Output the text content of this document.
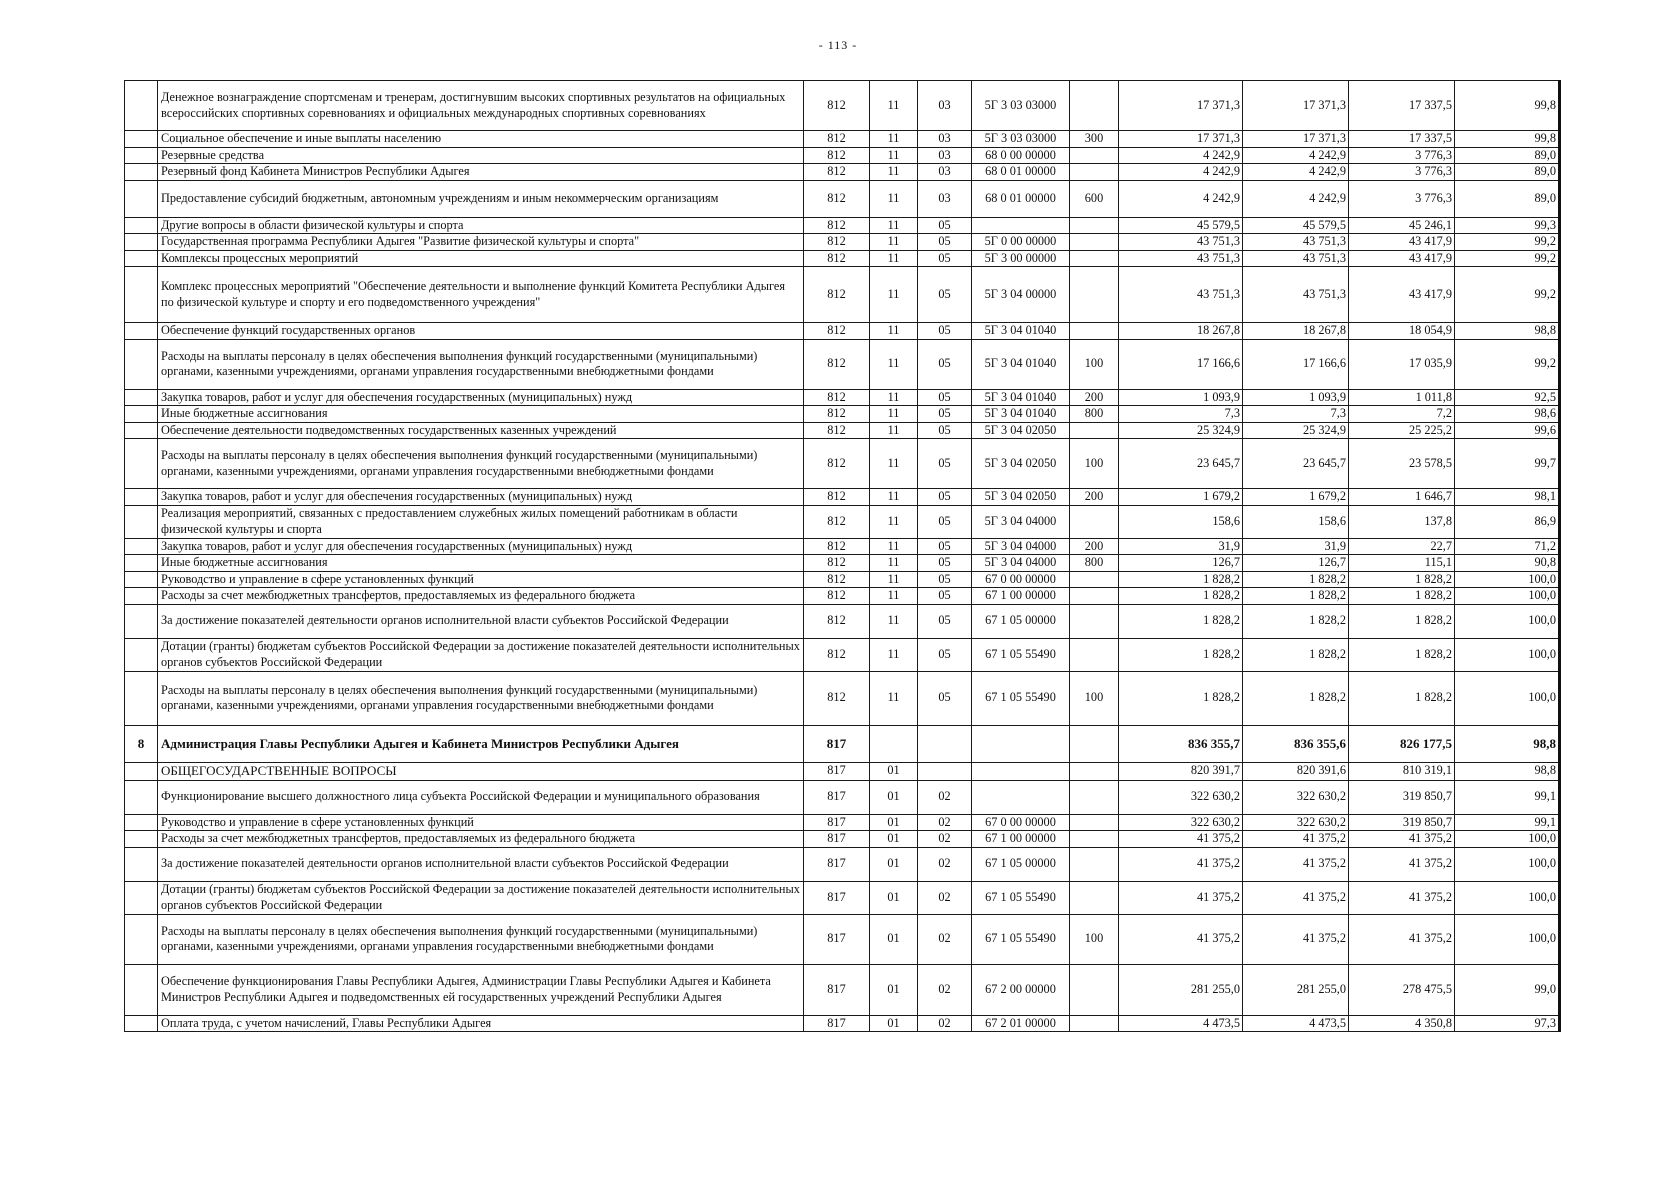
- 113 -
	Денежное вознаграждение спортсменам и тренерам, достигнувшим высоких спортивных результатов на официальных всероссийских спортивных соревнованиях и официальных международных спортивных соревнованиях	812	11	03	5Г 3 03 03000		17 371,3	17 371,3	17 337,5	99,8
	Социальное обеспечение и иные выплаты населению	812	11	03	5Г 3 03 03000	300	17 371,3	17 371,3	17 337,5	99,8
	Резервные средства	812	11	03	68 0 00 00000		4 242,9	4 242,9	3 776,3	89,0
	Резервный фонд Кабинета Министров Республики Адыгея	812	11	03	68 0 01 00000		4 242,9	4 242,9	3 776,3	89,0
	Предоставление субсидий бюджетным, автономным учреждениям и иным некоммерческим организациям	812	11	03	68 0 01 00000	600	4 242,9	4 242,9	3 776,3	89,0
	Другие вопросы в области физической культуры и спорта	812	11	05			45 579,5	45 579,5	45 246,1	99,3
	Государственная программа Республики Адыгея "Развитие физической культуры и спорта"	812	11	05	5Г 0 00 00000		43 751,3	43 751,3	43 417,9	99,2
	Комплексы процессных мероприятий	812	11	05	5Г 3 00 00000		43 751,3	43 751,3	43 417,9	99,2
	Комплекс процессных мероприятий "Обеспечение деятельности и выполнение функций Комитета Республики Адыгея по физической культуре и спорту и его подведомственного учреждения"	812	11	05	5Г 3 04 00000		43 751,3	43 751,3	43 417,9	99,2
	Обеспечение функций государственных органов	812	11	05	5Г 3 04 01040		18 267,8	18 267,8	18 054,9	98,8
	Расходы на выплаты персоналу в целях обеспечения выполнения функций государственными (муниципальными) органами, казенными учреждениями, органами управления государственными внебюджетными фондами	812	11	05	5Г 3 04 01040	100	17 166,6	17 166,6	17 035,9	99,2
	Закупка товаров, работ и услуг для обеспечения государственных (муниципальных) нужд	812	11	05	5Г 3 04 01040	200	1 093,9	1 093,9	1 011,8	92,5
	Иные бюджетные ассигнования	812	11	05	5Г 3 04 01040	800	7,3	7,3	7,2	98,6
	Обеспечение деятельности подведомственных государственных казенных учреждений	812	11	05	5Г 3 04 02050		25 324,9	25 324,9	25 225,2	99,6
	Расходы на выплаты персоналу в целях обеспечения выполнения функций государственными (муниципальными) органами, казенными учреждениями, органами управления государственными внебюджетными фондами	812	11	05	5Г 3 04 02050	100	23 645,7	23 645,7	23 578,5	99,7
	Закупка товаров, работ и услуг для обеспечения государственных (муниципальных) нужд	812	11	05	5Г 3 04 02050	200	1 679,2	1 679,2	1 646,7	98,1
	Реализация мероприятий, связанных с предоставлением служебных жилых помещений работникам в области физической культуры и спорта	812	11	05	5Г 3 04 04000		158,6	158,6	137,8	86,9
	Закупка товаров, работ и услуг для обеспечения государственных (муниципальных) нужд	812	11	05	5Г 3 04 04000	200	31,9	31,9	22,7	71,2
	Иные бюджетные ассигнования	812	11	05	5Г 3 04 04000	800	126,7	126,7	115,1	90,8
	Руководство и управление в сфере установленных функций	812	11	05	67 0 00 00000		1 828,2	1 828,2	1 828,2	100,0
	Расходы за счет межбюджетных трансфертов, предоставляемых из федерального бюджета	812	11	05	67 1 00 00000		1 828,2	1 828,2	1 828,2	100,0
	За достижение показателей деятельности органов исполнительной власти субъектов Российской Федерации	812	11	05	67 1 05 00000		1 828,2	1 828,2	1 828,2	100,0
	Дотации (гранты) бюджетам субъектов Российской Федерации за достижение показателей деятельности исполнительных органов субъектов Российской Федерации	812	11	05	67 1 05 55490		1 828,2	1 828,2	1 828,2	100,0
	Расходы на выплаты персоналу в целях обеспечения выполнения функций государственными (муниципальными) органами, казенными учреждениями, органами управления государственными внебюджетными фондами	812	11	05	67 1 05 55490	100	1 828,2	1 828,2	1 828,2	100,0
8	Администрация Главы Республики Адыгея и Кабинета Министров Республики Адыгея	817					836 355,7	836 355,6	826 177,5	98,8
	ОБЩЕГОСУДАРСТВЕННЫЕ ВОПРОСЫ	817	01				820 391,7	820 391,6	810 319,1	98,8
	Функционирование высшего должностного лица субъекта Российской Федерации и муниципального образования	817	01	02			322 630,2	322 630,2	319 850,7	99,1
	Руководство и управление в сфере установленных функций	817	01	02	67 0 00 00000		322 630,2	322 630,2	319 850,7	99,1
	Расходы за счет межбюджетных трансфертов, предоставляемых из федерального бюджета	817	01	02	67 1 00 00000		41 375,2	41 375,2	41 375,2	100,0
	За достижение показателей деятельности органов исполнительной власти субъектов Российской Федерации	817	01	02	67 1 05 00000		41 375,2	41 375,2	41 375,2	100,0
	Дотации (гранты) бюджетам субъектов Российской Федерации за достижение показателей деятельности исполнительных органов субъектов Российской Федерации	817	01	02	67 1 05 55490		41 375,2	41 375,2	41 375,2	100,0
	Расходы на выплаты персоналу в целях обеспечения выполнения функций государственными (муниципальными) органами, казенными учреждениями, органами управления государственными внебюджетными фондами	817	01	02	67 1 05 55490	100	41 375,2	41 375,2	41 375,2	100,0
	Обеспечение функционирования Главы Республики Адыгея, Администрации Главы Республики Адыгея и Кабинета Министров Республики Адыгея и подведомственных ей государственных учреждений Республики Адыгея	817	01	02	67 2 00 00000		281 255,0	281 255,0	278 475,5	99,0
	Оплата труда, с учетом начислений, Главы Республики Адыгея	817	01	02	67 2 01 00000		4 473,5	4 473,5	4 350,8	97,3
